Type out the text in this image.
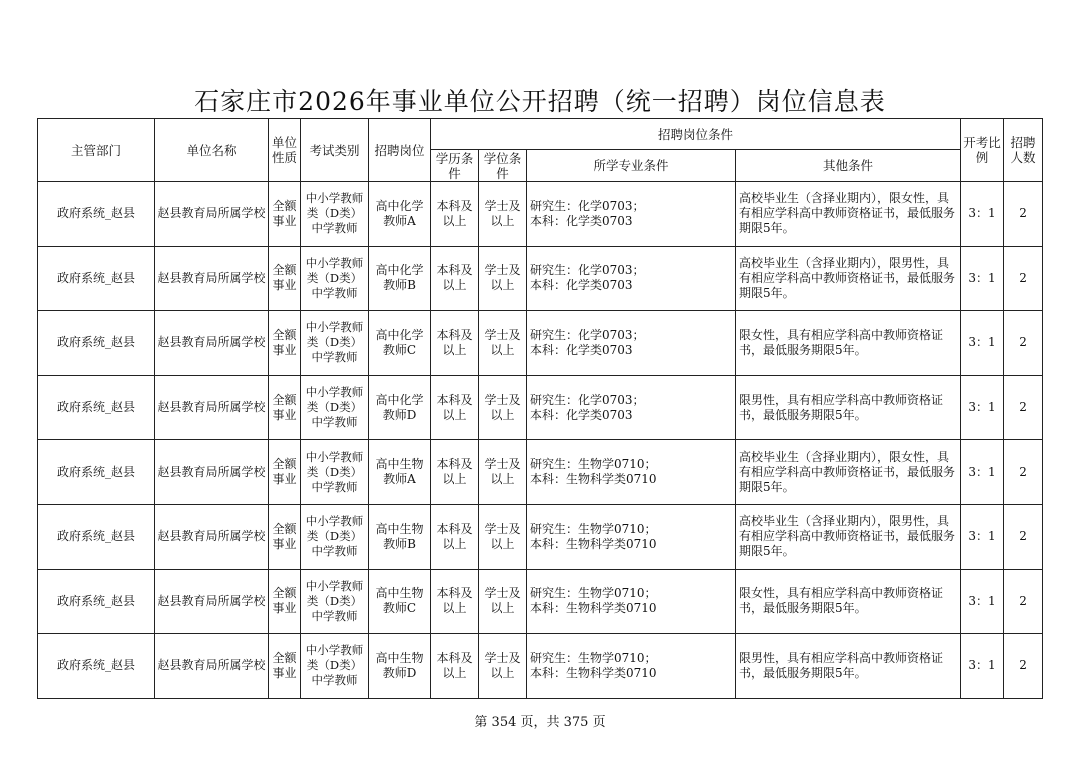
石家庄市2026年事业单位公开招聘（统一招聘）岗位信息表
主管部门	单位名称	单位性质	考试类别	招聘岗位	招聘岗位条件				开考比例	招聘人数
					学历条件	学位条件	所学专业条件	其他条件		
政府系统_赵县	赵县教育局所属学校	全额事业	中小学教师类（D类）中学教师	高中化学教师A	本科及以上	学士及以上	研究生：化学0703；
本科：化学类0703	高校毕业生（含择业期内），限女性，具有相应学科高中教师资格证书，最低服务期限5年。	3：1	2
政府系统_赵县	赵县教育局所属学校	全额事业	中小学教师类（D类）中学教师	高中化学教师B	本科及以上	学士及以上	研究生：化学0703；
本科：化学类0703	高校毕业生（含择业期内），限男性，具有相应学科高中教师资格证书，最低服务期限5年。	3：1	2
政府系统_赵县	赵县教育局所属学校	全额事业	中小学教师类（D类）中学教师	高中化学教师C	本科及以上	学士及以上	研究生：化学0703；
本科：化学类0703	限女性，具有相应学科高中教师资格证书，最低服务期限5年。	3：1	2
政府系统_赵县	赵县教育局所属学校	全额事业	中小学教师类（D类）中学教师	高中化学教师D	本科及以上	学士及以上	研究生：化学0703；
本科：化学类0703	限男性，具有相应学科高中教师资格证书，最低服务期限5年。	3：1	2
政府系统_赵县	赵县教育局所属学校	全额事业	中小学教师类（D类）中学教师	高中生物教师A	本科及以上	学士及以上	研究生：生物学0710；
本科：生物科学类0710	高校毕业生（含择业期内），限女性，具有相应学科高中教师资格证书，最低服务期限5年。	3：1	2
政府系统_赵县	赵县教育局所属学校	全额事业	中小学教师类（D类）中学教师	高中生物教师B	本科及以上	学士及以上	研究生：生物学0710；
本科：生物科学类0710	高校毕业生（含择业期内），限男性，具有相应学科高中教师资格证书，最低服务期限5年。	3：1	2
政府系统_赵县	赵县教育局所属学校	全额事业	中小学教师类（D类）中学教师	高中生物教师C	本科及以上	学士及以上	研究生：生物学0710；
本科：生物科学类0710	限女性，具有相应学科高中教师资格证书，最低服务期限5年。	3：1	2
政府系统_赵县	赵县教育局所属学校	全额事业	中小学教师类（D类）中学教师	高中生物教师D	本科及以上	学士及以上	研究生：生物学0710；
本科：生物科学类0710	限男性，具有相应学科高中教师资格证书，最低服务期限5年。	3：1	2
第 354 页，共 375 页
